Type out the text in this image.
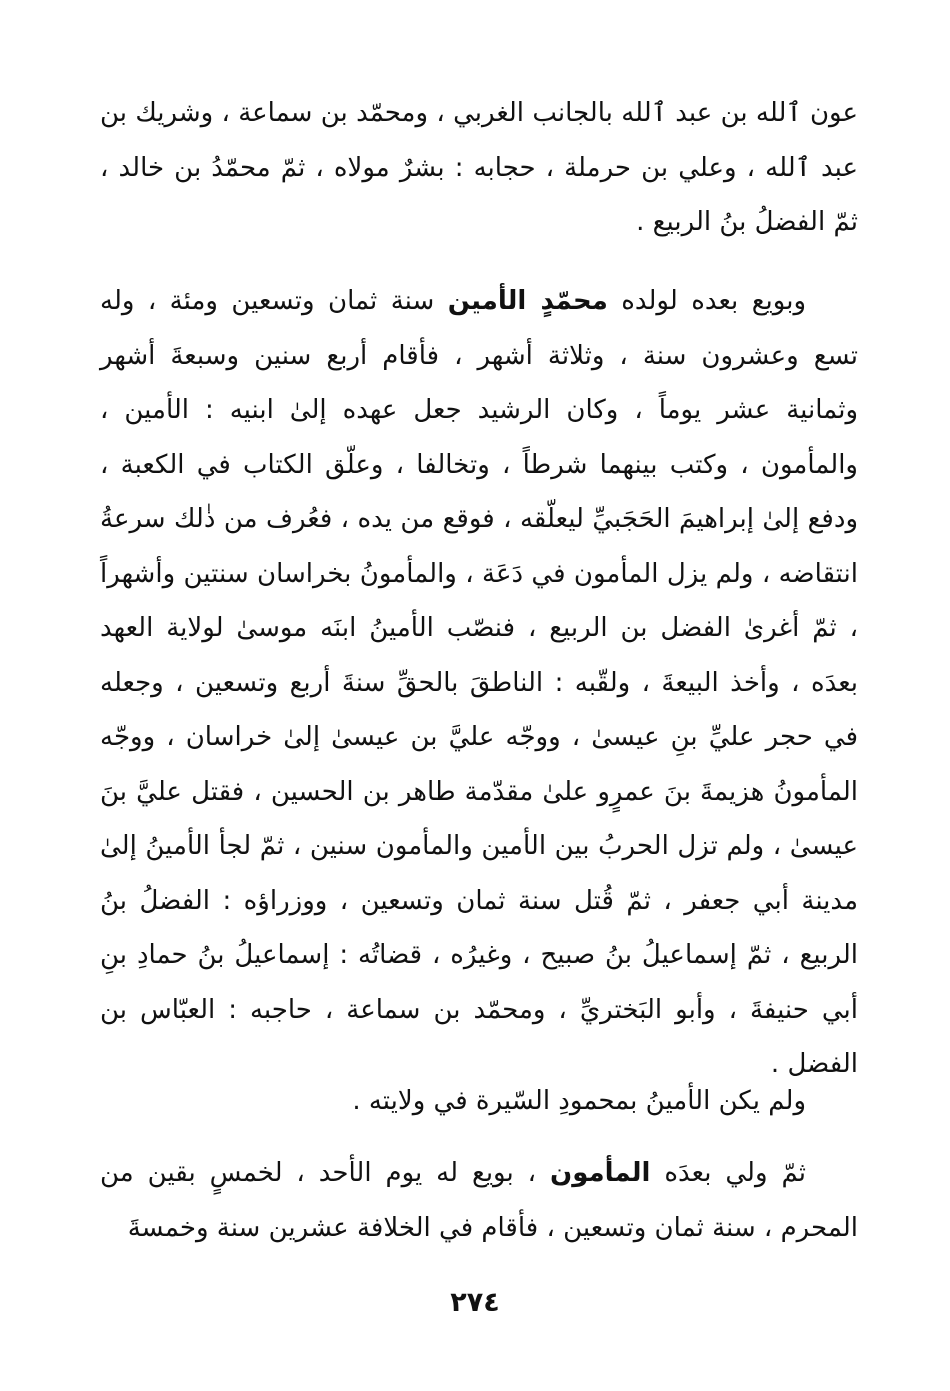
عون ٱلله بن عبد ٱلله بالجانب الغربي ، ومحمّد بن سماعة ، وشريك بن عبد ٱلله ، وعلي بن حرملة ، حجابه : بشرٌ مولاه ، ثمّ محمّدُ بن خالد ، ثمّ الفضلُ بنُ الربيع .

وبويع بعده لولده محمّدٍ الأمين سنة ثمان وتسعين ومئة ، وله تسع وعشرون سنة ، وثلاثة أشهر ، فأقام أربع سنين وسبعةَ أشهر وثمانية عشر يوماً ، وكان الرشيد جعل عهده إلىٰ ابنيه : الأمين ، والمأمون ، وكتب بينهما شرطاً ، وتخالفا ، وعلّق الكتاب في الكعبة ، ودفع إلىٰ إبراهيمَ الحَجَبيِّ ليعلّقه ، فوقع من يده ، فعُرف من ذٰلك سرعةُ انتقاضه ، ولم يزل المأمون في دَعَة ، والمأمونُ بخراسان سنتين وأشهراً ، ثمّ أغرىٰ الفضل بن الربيع ، فنصّب الأمينُ ابنَه موسىٰ لولاية العهد بعدَه ، وأخذ البيعةَ ، ولقّبه : الناطقَ بالحقِّ سنةَ أربع وتسعين ، وجعله في حجر عليِّ بنِ عيسىٰ ، ووجّه عليَّ بن عيسىٰ إلىٰ خراسان ، ووجّه المأمونُ هزيمةَ بنَ عمرٍو علىٰ مقدّمة طاهر بن الحسين ، فقتل عليَّ بنَ عيسىٰ ، ولم تزل الحربُ بين الأمين والمأمون سنين ، ثمّ لجأ الأمينُ إلىٰ مدينة أبي جعفر ، ثمّ قُتل سنة ثمان وتسعين ، ووزراؤه : الفضلُ بنُ الربيع ، ثمّ إسماعيلُ بنُ صبيح ، وغيرُه ، قضاتُه : إسماعيلُ بنُ حمادِ بنِ أبي حنيفةَ ، وأبو البَختريِّ ، ومحمّد بن سماعة ، حاجبه : العبّاس بن الفضل .

ولم يكن الأمينُ بمحمودِ السّيرة في ولايته .

ثمّ ولي بعدَه المأمون ، بويع له يوم الأحد ، لخمسٍ بقين من المحرم ، سنة ثمان وتسعين ، فأقام في الخلافة عشرين سنة وخمسةَ

٢٧٤
